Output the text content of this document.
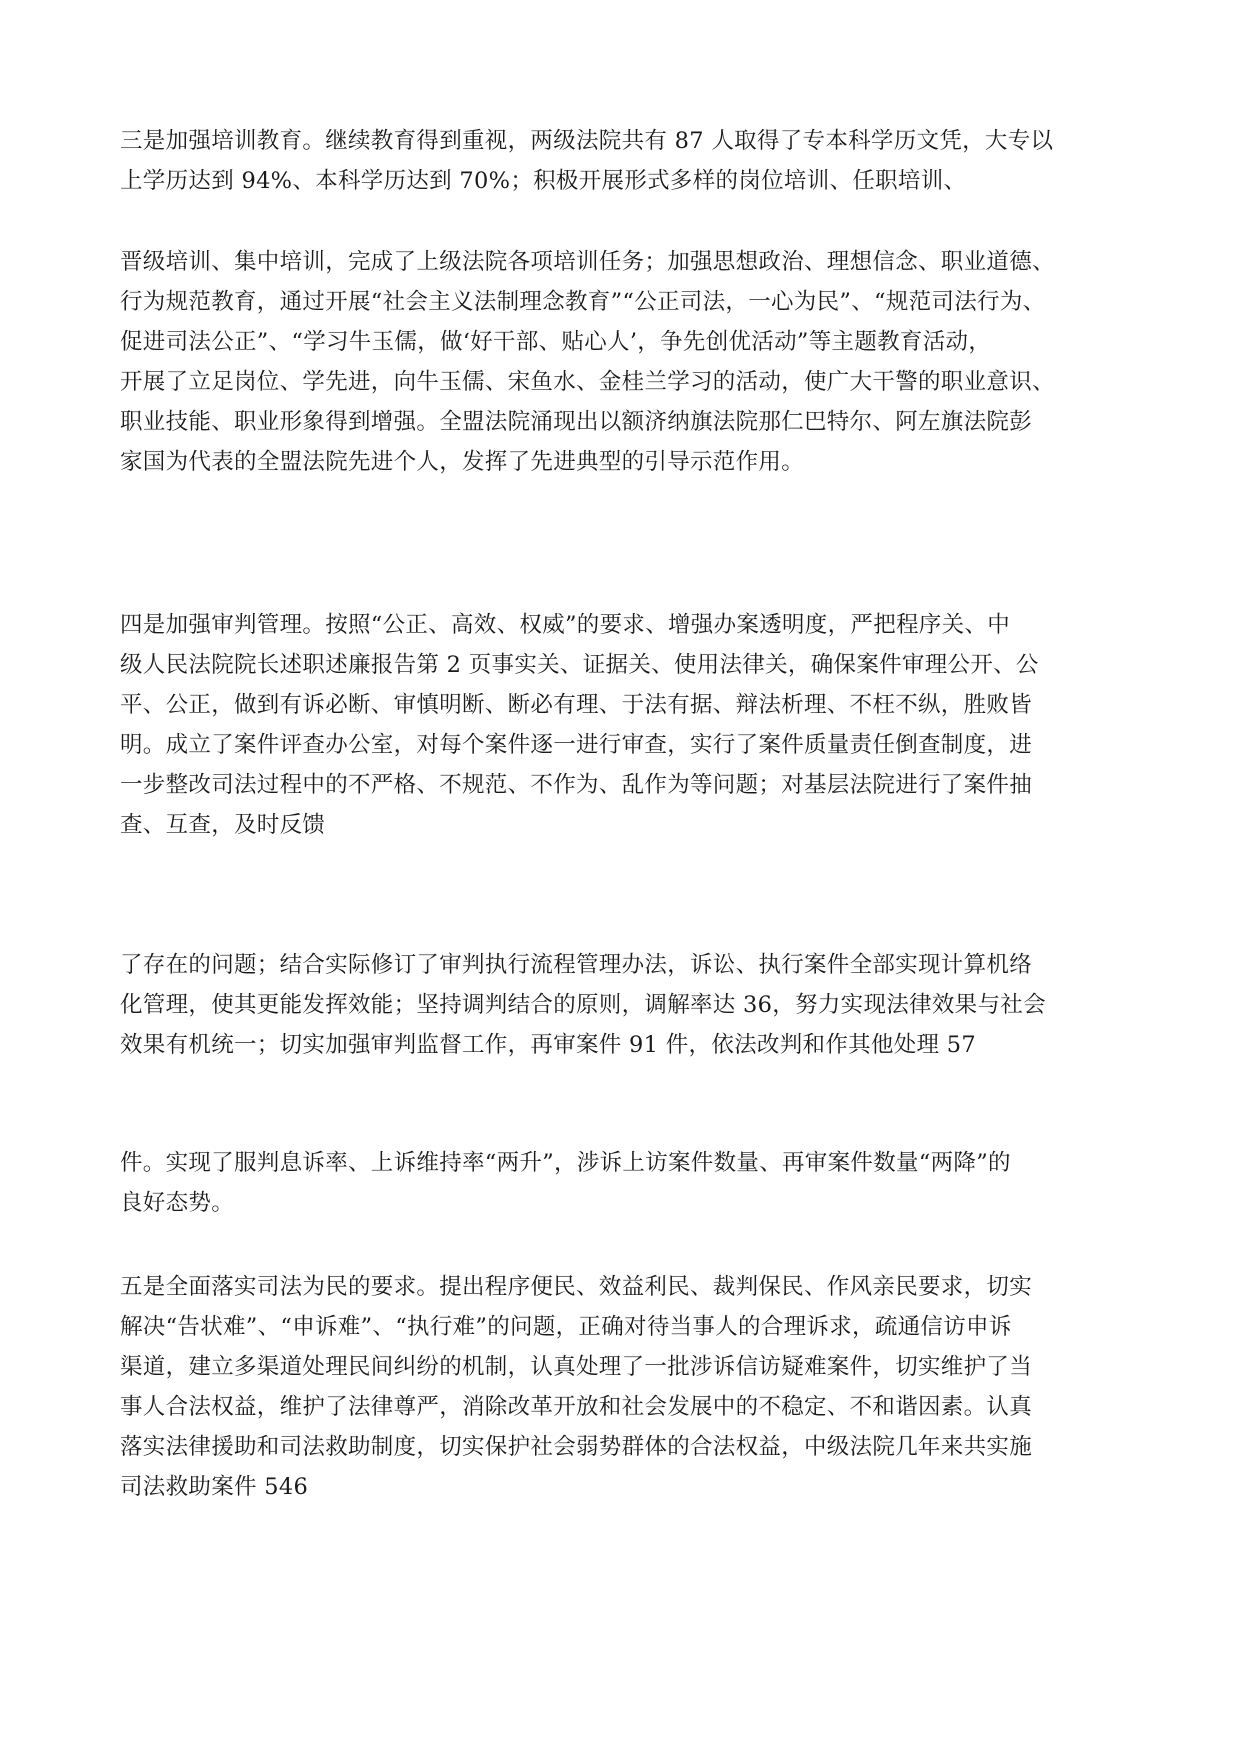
三是加强培训教育。继续教育得到重视，两级法院共有 87 人取得了专本科学历文凭，大专以
上学历达到 94%、本科学历达到 70%；积极开展形式多样的岗位培训、任职培训、
晋级培训、集中培训，完成了上级法院各项培训任务；加强思想政治、理想信念、职业道德、
行为规范教育，通过开展“社会主义法制理念教育”“公正司法，一心为民”、“规范司法行为、
促进司法公正”、“学习牛玉儒，做‘好干部、贴心人’，争先创优活动”等主题教育活动，
开展了立足岗位、学先进，向牛玉儒、宋鱼水、金桂兰学习的活动，使广大干警的职业意识、
职业技能、职业形象得到增强。全盟法院涌现出以额济纳旗法院那仁巴特尔、阿左旗法院彭
家国为代表的全盟法院先进个人，发挥了先进典型的引导示范作用。
四是加强审判管理。按照“公正、高效、权威”的要求、增强办案透明度，严把程序关、中
级人民法院院长述职述廉报告第 2 页事实关、证据关、使用法律关，确保案件审理公开、公
平、公正，做到有诉必断、审慎明断、断必有理、于法有据、辩法析理、不枉不纵，胜败皆
明。成立了案件评查办公室，对每个案件逐一进行审查，实行了案件质量责任倒查制度，进
一步整改司法过程中的不严格、不规范、不作为、乱作为等问题；对基层法院进行了案件抽
查、互查，及时反馈
了存在的问题；结合实际修订了审判执行流程管理办法，诉讼、执行案件全部实现计算机络
化管理，使其更能发挥效能；坚持调判结合的原则，调解率达 36，努力实现法律效果与社会
效果有机统一；切实加强审判监督工作，再审案件 91 件，依法改判和作其他处理 57
件。实现了服判息诉率、上诉维持率“两升”，涉诉上访案件数量、再审案件数量“两降”的
良好态势。
五是全面落实司法为民的要求。提出程序便民、效益利民、裁判保民、作风亲民要求，切实
解决“告状难”、“申诉难”、“执行难”的问题，正确对待当事人的合理诉求，疏通信访申诉
渠道，建立多渠道处理民间纠纷的机制，认真处理了一批涉诉信访疑难案件，切实维护了当
事人合法权益，维护了法律尊严，消除改革开放和社会发展中的不稳定、不和谐因素。认真
落实法律援助和司法救助制度，切实保护社会弱势群体的合法权益，中级法院几年来共实施
司法救助案件 546
